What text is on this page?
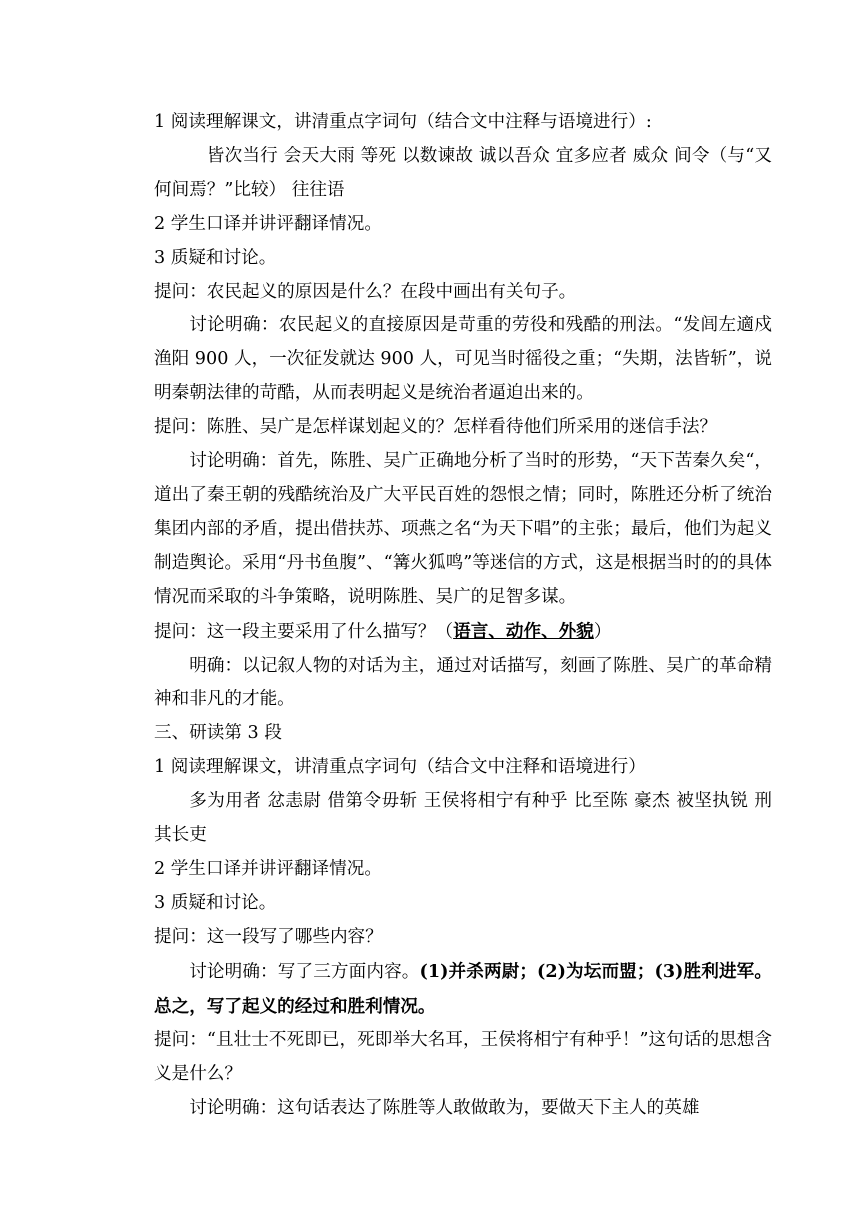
1 阅读理解课文，讲清重点字词句（结合文中注释与语境进行）:

皆次当行 会天大雨 等死 以数谏故 诚以吾众 宜多应者 威众 间令（与“又何间焉？”比较） 往往语

2 学生口译并讲评翻译情况。

3 质疑和讨论。

提问：农民起义的原因是什么？在段中画出有关句子。

讨论明确：农民起义的直接原因是苛重的劳役和残酷的刑法。“发闾左適戍渔阳 900 人，一次征发就达 900 人，可见当时徭役之重；“失期，法皆斩”，说明秦朝法律的苛酷，从而表明起义是统治者逼迫出来的。

提问：陈胜、吴广是怎样谋划起义的？怎样看待他们所采用的迷信手法？

讨论明确：首先，陈胜、吴广正确地分析了当时的形势，“天下苦秦久矣“，道出了秦王朝的残酷统治及广大平民百姓的怨恨之情；同时，陈胜还分析了统治集团内部的矛盾，提出借扶苏、项燕之名“为天下唱”的主张；最后，他们为起义制造舆论。采用“丹书鱼腹”、“篝火狐鸣”等迷信的方式，这是根据当时的的具体情况而采取的斗争策略，说明陈胜、吴广的足智多谋。

提问：这一段主要采用了什么描写？（语言、动作、外貌）

明确：以记叙人物的对话为主，通过对话描写，刻画了陈胜、吴广的革命精神和非凡的才能。

三、研读第 3 段

1 阅读理解课文，讲清重点字词句（结合文中注释和语境进行）

多为用者 忿恚尉 借第令毋斩 王侯将相宁有种乎 比至陈 豪杰 被坚执锐 刑其长吏

2 学生口译并讲评翻译情况。

3 质疑和讨论。

提问：这一段写了哪些内容？

讨论明确：写了三方面内容。(1)并杀两尉；(2)为坛而盟；(3)胜利进军。总之，写了起义的经过和胜利情况。

提问：“且壮士不死即已，死即举大名耳，王侯将相宁有种乎！”这句话的思想含义是什么？

讨论明确：这句话表达了陈胜等人敢做敢为，要做天下主人的英雄
